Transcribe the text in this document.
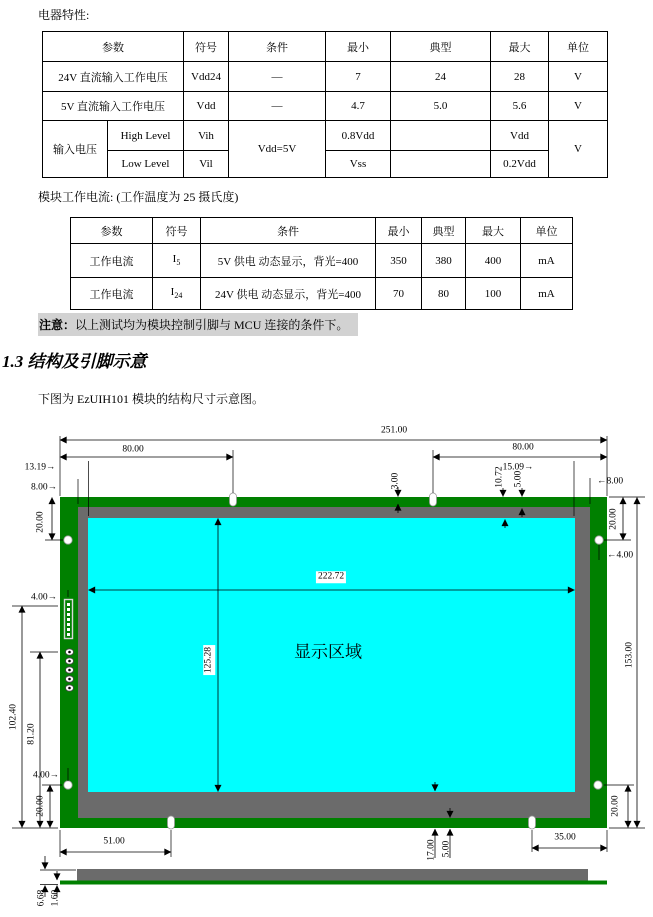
电器特性:
参数		符号	条件	最小	典型	最大	单位
24V 直流输入工作电压		Vdd24	—	7	24	28	V
5V 直流输入工作电压		Vdd	—	4.7	5.0	5.6	V
输入电压	High Level	Vih	Vdd=5V	0.8Vdd		Vdd	V
	Low Level	Vil		Vss		0.2Vdd	
模块工作电流: (工作温度为 25 摄氏度)
参数	符号	条件	最小	典型	最大	单位
工作电流	$I_5$	5V 供电 动态显示，背光=400	350	380	400	mA
工作电流	$I_{24}$	24V 供电 动态显示，背光=400	70	80	100	mA
注意：以上测试均为模块控制引脚与 MCU 连接的条件下。
1.3 结构及引脚示意
下图为 EzUIH101 模块的结构尺寸示意图。
251.00
80.00	80.00
13.19→
8.00→
15.09→
←8.00
3.00	10.72 5.00
20.00	20.00
153.00
←4.00
4.00→
222.72
125.28
102.40
81.20
4.00→
20.00	20.00
51.00	35.00
17.00 5.00
6.68 1.60
显示区域
